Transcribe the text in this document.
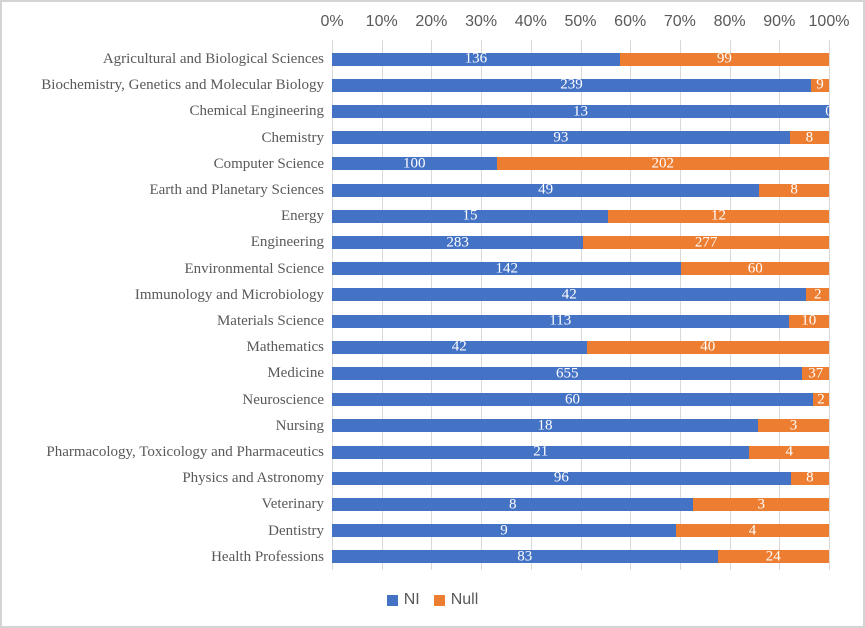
0%	10%	20%	30%	40%	50%	60%	70%	80%	90% 100%
Agricultural and Biological Sciences
Biochemistry, Genetics and Molecular Biology
Chemical Engineering
Chemistry
Computer Science
Earth and Planetary Sciences
Energy
Engineering
Environmental Science
Immunology and Microbiology
Materials Science
Mathematics
Medicine
Neuroscience
Nursing
Pharmacology, Toxicology and Pharmaceutics
Physics and Astronomy
Veterinary
Dentistry
Health Professions
136	99
239	9
13	0
93	8
100	202
49	8
15	12
283	277
142	60
42	2
113	10
42	40
655	37
60	2
18	3
21	4
96	8
8	3
9	4
83	24
NI Null
